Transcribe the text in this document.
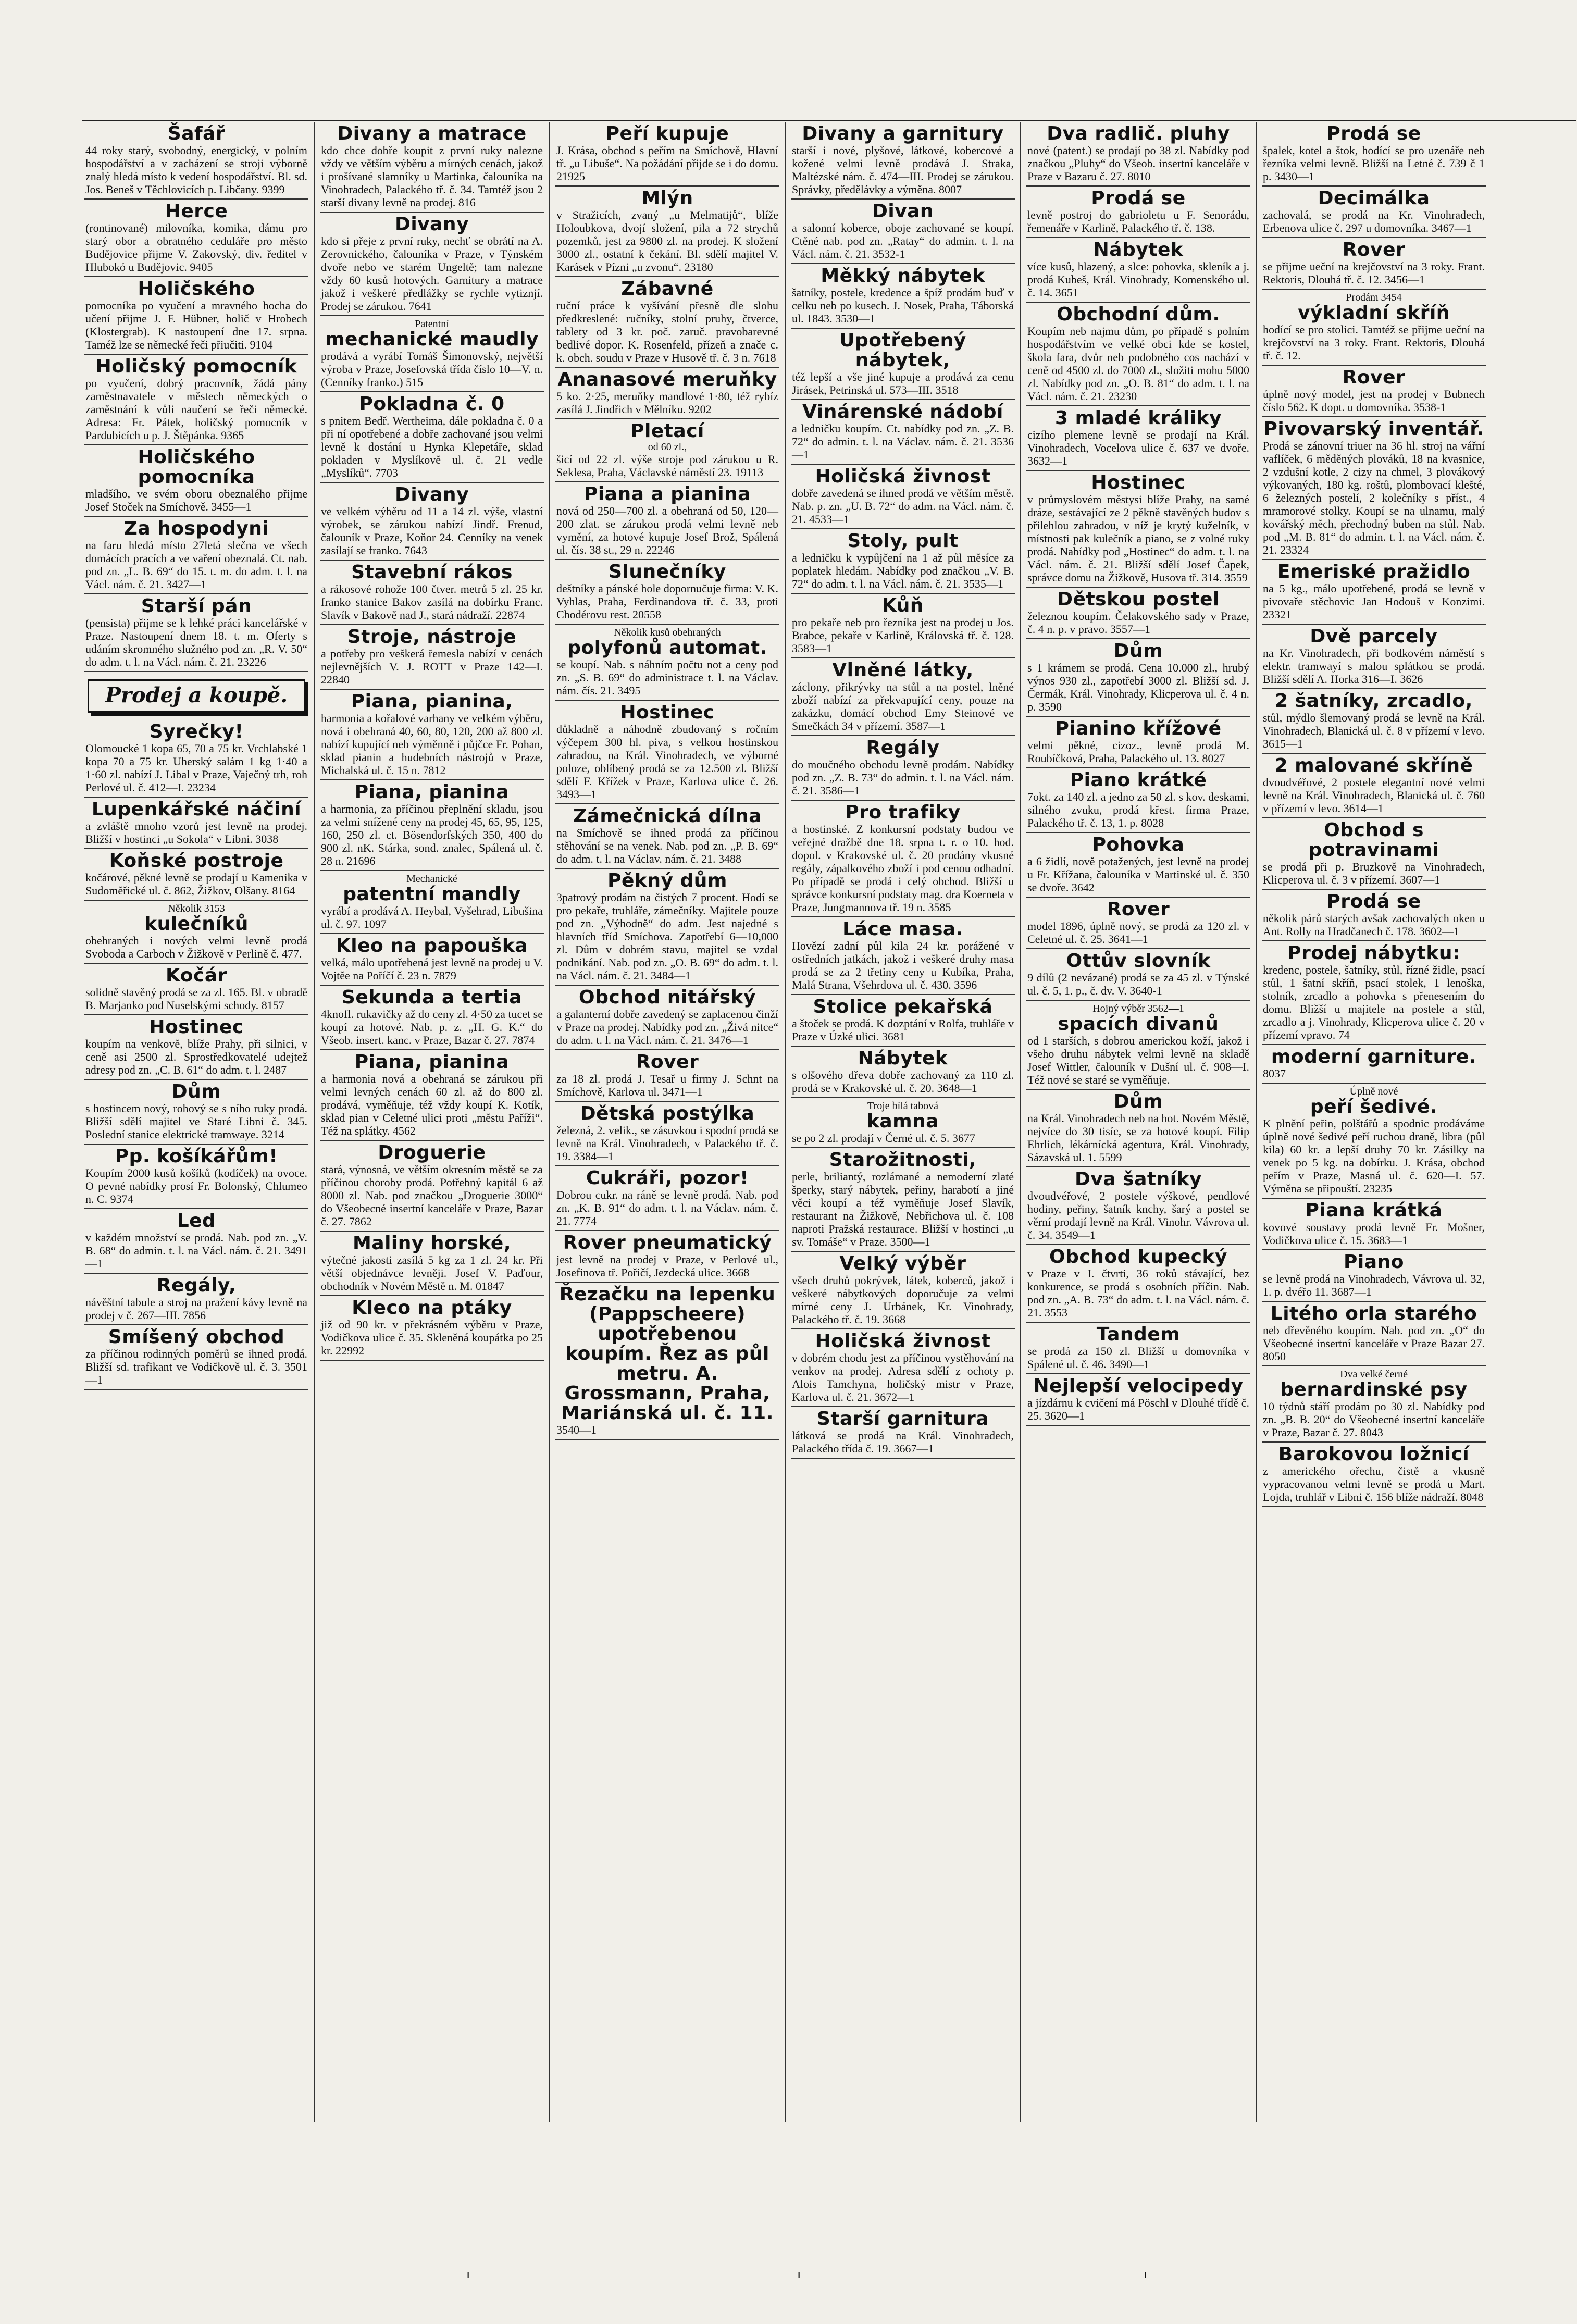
Šafář
44 roky starý, svobodný, energický, v polním hospodářství a v zacházení se stroji výborně znalý hledá místo k vedení hospodářství. Bl. sd. Jos. Beneš v Těchlovicích p. Libčany. 9399
Herce
(rontinované) milovníka, komika, dámu pro starý obor a obratného ceduláře pro město Budějovice přijme V. Zakovský, div. ředitel v Hlubokó u Budějovic. 9405
Holičského
pomocníka po vyučení a mravného hocha do učení přijme J. F. Hübner, holič v Hrobech (Klostergrab). K nastoupení dne 17. srpna. Taméž lze se německé řeči přiučiti. 9104
Holičský pomocník
po vyučení, dobrý pracovník, žádá pány zaměstnavatele v městech německých o zaměstnání k vůli naučení se řeči německé. Adresa: Fr. Pátek, holičský pomocník v Pardubicích u p. J. Štěpánka. 9365
Holičského pomocníka
mladšího, ve svém oboru obeznalého přijme Josef Stoček na Smíchově. 3455—1
Za hospodyni
na faru hledá místo 27letá slečna ve všech domácích pracích a ve vaření obeznalá. Ct. nab. pod zn. „L. B. 69“ do 15. t. m. do adm. t. l. na Václ. nám. č. 21. 3427—1
Starší pán
(pensista) přijme se k lehké práci kancelářské v Praze. Nastoupení dnem 18. t. m. Oferty s udáním skromného služného pod zn. „R. V. 50“ do adm. t. l. na Václ. nám. č. 21. 23226
Prodej a koupě.
Syrečky!
Olomoucké 1 kopa 65, 70 a 75 kr. Vrchlabské 1 kopa 70 a 75 kr. Uherský salám 1 kg 1·40 a 1·60 zl. nabízí J. Libal v Praze, Vaječný trh, roh Perlové ul. č. 412—I. 23234
Lupenkářské náčiní
a zvláště mnoho vzorů jest levně na prodej. Bližší v hostinci „u Sokola“ v Libni. 3038
Koňské postroje
kočárové, pěkné levně se prodají u Kamenika v Sudoměřické ul. č. 862, Žižkov, Olšany. 8164
Několik 3153
kulečníků
obehraných i nových velmi levně prodá Svoboda a Carboch v Žižkově v Perlině č. 477.
Kočár
solidně stavěný prodá se za zl. 165. Bl. v obradě B. Marjanko pod Nuselskými schody. 8157
Hostinec
koupím na venkově, blíže Prahy, při silnici, v ceně asi 2500 zl. Sprostředkovatelé udejtež adresy pod zn. „C. B. 61“ do adm. t. l. 2487
Dům
s hostincem nový, rohový se s ního ruky prodá. Bližší sdělí majitel ve Staré Libni č. 345. Poslední stanice elektrické tramwaye. 3214
Pp. košíkářům!
Koupím 2000 kusů košíků (kodíček) na ovoce. O pevné nabídky prosí Fr. Bolonský, Chlumeo n. C. 9374
Led
v každém množství se prodá. Nab. pod zn. „V. B. 68“ do admin. t. l. na Václ. nám. č. 21. 3491—1
Regály,
návěštní tabule a stroj na pražení kávy levně na prodej v č. 267—III. 7856
Smíšený obchod
za příčinou rodinných poměrů se ihned prodá. Bližší sd. trafikant ve Vodičkově ul. č. 3. 3501—1
Divany a matrace
kdo chce dobře koupit z první ruky nalezne vždy ve větším výběru a mírných cenách, jakož i prošívané slamníky u Martinka, čalouníka na Vinohradech, Palackého tř. č. 34. Tamtéž jsou 2 starší divany levně na prodej. 816
Divany
kdo si přeje z první ruky, nechť se obrátí na A. Zerovnického, čalouníka v Praze, v Týnském dvoře nebo ve starém Ungeltě; tam nalezne vždy 60 kusů hotových. Garnitury a matrace jakož i veškeré předlážky se rychle vytiznjí. Prodej se zárukou. 7641
Patentní
mechanické maudly
prodává a vyrábí Tomáš Šimonovský, největší výroba v Praze, Josefovská třída číslo 10—V. n. (Cenníky franko.) 515
Pokladna č. 0
s pnitem Bedř. Wertheima, dále pokladna č. 0 a při ní opotřebené a dobře zachované jsou velmi levně k dostání u Hynka Klepetáře, sklad pokladen v Myslíkově ul. č. 21 vedle „Myslíků“. 7703
Divany
ve velkém výběru od 11 a 14 zl. výše, vlastní výrobek, se zárukou nabízí Jindř. Frenud, čalouník v Praze, Koňor 24. Cenníky na venek zasílají se franko. 7643
Stavební rákos
a rákosové rohože 100 čtver. metrů 5 zl. 25 kr. franko stanice Bakov zasílá na dobírku Franc. Slavík v Bakově nad J., stará nádraží. 22874
Stroje, nástroje
a potřeby pro veškerá řemesla nabízí v cenách nejlevnějších V. J. ROTT v Praze 142—I. 22840
Piana, pianina,
harmonia a kořalové varhany ve velkém výběru, nová i obehraná 40, 60, 80, 120, 200 až 800 zl. nabízí kupující neb výměnně i půjčce Fr. Pohan, sklad pianin a hudebních nástrojů v Praze, Michalská ul. č. 15 n. 7812
Piana, pianina
a harmonia, za příčinou přeplnění skladu, jsou za velmi snížené ceny na prodej 45, 65, 95, 125, 160, 250 zl. ct. Bösendorfských 350, 400 do 900 zl. nK. Stárka, sond. znalec, Spálená ul. č. 28 n. 21696
Mechanické
patentní mandly
vyrábí a prodává A. Heybal, Vyšehrad, Libušina ul. č. 97. 1097
Kleo na papouška
velká, málo upotřebená jest levně na prodej u V. Vojtěe na Poříčí č. 23 n. 7879
Sekunda a tertia
4knofl. rukavičky až do ceny zl. 4·50 za tucet se koupí za hotové. Nab. p. z. „H. G. K.“ do Všeob. insert. kanc. v Praze, Bazar č. 27. 7874
Piana, pianina
a harmonia nová a obehraná se zárukou při velmi levných cenách 60 zl. až do 800 zl. prodává, vyměňuje, též vždy koupí K. Kotík, sklad pian v Celetné ulici proti „městu Paříži“. Též na splátky. 4562
Droguerie
stará, výnosná, ve větším okresním městě se za příčinou choroby prodá. Potřebný kapitál 6 až 8000 zl. Nab. pod značkou „Droguerie 3000“ do Všeobecné insertní kanceláře v Praze, Bazar č. 27. 7862
Maliny horské,
výtečné jakosti zasílá 5 kg za 1 zl. 24 kr. Při větší objednávce levněji. Josef V. Paďour, obchodník v Novém Městě n. M. 01847
Kleco na ptáky
již od 90 kr. v překrásném výběru v Praze, Vodičkova ulice č. 35. Skleněná koupátka po 25 kr. 22992
Peří kupuje
J. Krása, obchod s peřím na Smíchově, Hlavní tř. „u Libuše“. Na požádání přijde se i do domu. 21925
Mlýn
v Stražicích, zvaný „u Melmatijů“, blíže Holoubkova, dvojí složení, pila a 72 strychů pozemků, jest za 9800 zl. na prodej. K složení 3000 zl., ostatní k čekání. Bl. sdělí majitel V. Karásek v Pízni „u zvonu“. 23180
Zábavné
ruční práce k vyšívání přesně dle slohu předkreslené: ručníky, stolní pruhy, čtverce, tablety od 3 kr. poč. zaruč. pravobarevné bedlivé dopor. K. Rosenfeld, přízeň a znače c. k. obch. soudu v Praze v Husově tř. č. 3 n. 7618
Ananasové meruňky
5 ko. 2·25, meruňky mandlové 1·80, též rybíz zasílá J. Jindřich v Mělníku. 9202
Pletací
od 60 zl.,
šicí od 22 zl. výše stroje pod zárukou u R. Seklesa, Praha, Václavské náměstí 23. 19113
Piana a pianina
nová od 250—700 zl. a obehraná od 50, 120—200 zlat. se zárukou prodá velmi levně neb vymění, za hotové kupuje Josef Brož, Spálená ul. čís. 38 st., 29 n. 22246
Slunečníky
deštníky a pánské hole dopornučuje firma: V. K. Vyhlas, Praha, Ferdinandova tř. č. 33, proti Chodérovu rest. 20558
Několik kusů obehraných
polyfonů automat.
se koupí. Nab. s náhním počtu not a ceny pod zn. „S. B. 69“ do administrace t. l. na Václav. nám. čís. 21. 3495
Hostinec
důkladně a náhodně zbudovaný s ročním výčepem 300 hl. piva, s velkou hostinskou zahradou, na Král. Vinohradech, ve výborné poloze, oblíbený prodá se za 12.500 zl. Bližší sdělí F. Křížek v Praze, Karlova ulice č. 26. 3493—1
Zámečnická dílna
na Smíchově se ihned prodá za příčinou stěhování se na venek. Nab. pod zn. „P. B. 69“ do adm. t. l. na Václav. nám. č. 21. 3488
Pěkný dům
3patrový prodám na čistých 7 procent. Hodí se pro pekaře, truhláře, zámečníky. Majitele pouze pod zn. „Výhodně“ do adm. Jest najedné s hlavních tříd Smíchova. Zapotřebí 6—10,000 zl. Dům v dobrém stavu, majitel se vzdal podnikání. Nab. pod zn. „O. B. 69“ do adm. t. l. na Václ. nám. č. 21. 3484—1
Obchod nitářský
a galanterní dobře zavedený se zaplacenou činží v Praze na prodej. Nabídky pod zn. „Živá nitce“ do adm. t. l. na Václ. nám. č. 21. 3476—1
Rover
za 18 zl. prodá J. Tesař u firmy J. Schnt na Smíchově, Karlova ul. 3471—1
Dětská postýlka
železná, 2. velik., se zásuvkou i spodní prodá se levně na Král. Vinohradech, v Palackého tř. č. 19. 3384—1
Cukráři, pozor!
Dobrou cukr. na ráně se levně prodá. Nab. pod zn. „K. B. 91“ do adm. t. l. na Václav. nám. č. 21. 7774
Rover pneumatický
jest levně na prodej v Praze, v Perlové ul., Josefinova tř. Pořičí, Jezdecká ulice. 3668
Řezačku na lepenku (Pappscheere) upotřebenou koupím. Řez as půl metru. A. Grossmann, Praha, Mariánská ul. č. 11.
3540—1
Divany a garnitury
starší i nové, plyšové, látkové, kobercové a kožené velmi levně prodává J. Straka, Maltézské nám. č. 474—III. Prodej se zárukou. Správky, předělávky a výměna. 8007
Divan
a salonní koberce, oboje zachované se koupí. Ctěné nab. pod zn. „Ratay“ do admin. t. l. na Václ. nám. č. 21. 3532-1
Měkký nábytek
šatníky, postele, kredence a špíž prodám buď v celku neb po kusech. J. Nosek, Praha, Táborská ul. 1843. 3530—1
Upotřebený nábytek,
též lepší a vše jiné kupuje a prodává za cenu Jirásek, Petrinská ul. 573—III. 3518
Vinárenské nádobí
a ledničku koupím. Ct. nabídky pod zn. „Z. B. 72“ do admin. t. l. na Václav. nám. č. 21. 3536—1
Holičská živnost
dobře zavedená se ihned prodá ve větším městě. Nab. p. zn. „U. B. 72“ do adm. na Václ. nám. č. 21. 4533—1
Stoly, pult
a ledničku k vypůjčení na 1 až půl měsíce za poplatek hledám. Nabídky pod značkou „V. B. 72“ do adm. t. l. na Václ. nám. č. 21. 3535—1
Kůň
pro pekaře neb pro řezníka jest na prodej u Jos. Brabce, pekaře v Karlině, Královská tř. č. 128. 3583—1
Vlněné látky,
záclony, přikrývky na stůl a na postel, lněné zboží nabízí za překvapující ceny, pouze na zakázku, domácí obchod Emy Steinové ve Smečkách 34 v přízemí. 3587—1
Regály
do moučného obchodu levně prodám. Nabídky pod zn. „Z. B. 73“ do admin. t. l. na Václ. nám. č. 21. 3586—1
Pro trafiky
a hostinské. Z konkursní podstaty budou ve veřejné dražbě dne 18. srpna t. r. o 10. hod. dopol. v Krakovské ul. č. 20 prodány vkusné regály, zápalkového zboží i pod cenou odhadní. Po případě se prodá i celý obchod. Bližší u správce konkursní podstaty mag. dra Koerneta v Praze, Jungmannova tř. 19 n. 3585
Láce masa.
Hovězí zadní půl kila 24 kr. porážené v ostředních jatkách, jakož i veškeré druhy masa prodá se za 2 třetiny ceny u Kubíka, Praha, Malá Strana, Všehrdova ul. č. 430. 3596
Stolice pekařská
a štoček se prodá. K dozptání v Rolfa, truhláře v Praze v Úzké ulici. 3681
Nábytek
s olšového dřeva dobře zachovaný za 110 zl. prodá se v Krakovské ul. č. 20. 3648—1
Troje bílá tabová
kamna
se po 2 zl. prodají v Černé ul. č. 5. 3677
Starožitnosti,
perle, briliantý, rozlámané a nemoderní zlaté šperky, starý nábytek, peřiny, harabotí a jiné věci koupí a též vyměňuje Josef Slavík, restaurant na Žižkově, Nebřichova ul. č. 108 naproti Pražská restaurace. Bližší v hostinci „u sv. Tomáše“ v Praze. 3500—1
Velký výběr
všech druhů pokrývek, látek, koberců, jakož i veškeré nábytkových doporučuje za velmi mírné ceny J. Urbánek, Kr. Vinohrady, Palackého tř. č. 19. 3668
Holičská živnost
v dobrém chodu jest za příčinou vystěhování na venkov na prodej. Adresa sdělí z ochoty p. Alois Tamchyna, holičský mistr v Praze, Karlova ul. č. 21. 3672—1
Starší garnitura
látková se prodá na Král. Vinohradech, Palackého třída č. 19. 3667—1
Dva radlič. pluhy
nové (patent.) se prodají po 38 zl. Nabídky pod značkou „Pluhy“ do Všeob. insertní kanceláře v Praze v Bazaru č. 27. 8010
Prodá se
levně postroj do gabrioletu u F. Senorádu, řemenáře v Karlině, Palackého tř. č. 138.
Nábytek
více kusů, hlazený, a slce: pohovka, skleník a j. prodá Kubeš, Král. Vinohrady, Komenského ul. č. 14. 3651
Obchodní dům.
Koupím neb najmu dům, po případě s polním hospodářstvím ve velké obci kde se kostel, škola fara, dvůr neb podobného cos nachází v ceně od 4500 zl. do 7000 zl., složiti mohu 5000 zl. Nabídky pod zn. „O. B. 81“ do adm. t. l. na Václ. nám. č. 21. 23230
3 mladé králiky
cizího plemene levně se prodají na Král. Vinohradech, Vocelova ulice č. 637 ve dvoře. 3632—1
Hostinec
v průmyslovém městysi blíže Prahy, na samé dráze, sestávající ze 2 pěkně stavěných budov s přilehlou zahradou, v níž je krytý kuželník, v místnosti pak kulečník a piano, se z volné ruky prodá. Nabídky pod „Hostinec“ do adm. t. l. na Václ. nám. č. 21. Bližší sdělí Josef Čapek, správce domu na Žižkově, Husova tř. 314. 3559
Dětskou postel
železnou koupím. Čelakovského sady v Praze, č. 4 n. p. v pravo. 3557—1
Dům
s 1 krámem se prodá. Cena 10.000 zl., hrubý výnos 930 zl., zapotřebí 3000 zl. Bližší sd. J. Čermák, Král. Vinohrady, Klicperova ul. č. 4 n. p. 3590
Pianino křížové
velmi pěkné, cizoz., levně prodá M. Roubíčková, Praha, Palackého ul. 13. 8027
Piano krátké
7okt. za 140 zl. a jedno za 50 zl. s kov. deskami, silného zvuku, prodá křest. firma Praze, Palackého tř. č. 13, 1. p. 8028
Pohovka
a 6 židlí, nově potažených, jest levně na prodej u Fr. Křížana, čalouníka v Martinské ul. č. 350 se dvoře. 3642
Rover
model 1896, úplně nový, se prodá za 120 zl. v Celetné ul. č. 25. 3641—1
Ottův slovník
9 dílů (2 nevázané) prodá se za 45 zl. v Týnské ul. č. 5, 1. p., č. dv. V. 3640-1
Hojný výběr 3562—1
spacích divanů
od 1 starších, s dobrou americkou koží, jakož i všeho druhu nábytek velmi levně na skladě Josef Wittler, čalouník v Dušní ul. č. 908—I. Též nové se staré se vyměňuje.
Dům
na Král. Vinohradech neb na hot. Novém Městě, nejvíce do 30 tisíc, se za hotové koupí. Filip Ehrlich, lékárnícká agentura, Král. Vinohrady, Sázavská ul. 1. 5599
Dva šatníky
dvoudvéřové, 2 postele výškové, pendlové hodiny, peřiny, šatník knchy, šarý a postel se věrní prodají levně na Král. Vinohr. Vávrova ul. č. 34. 3549—1
Obchod kupecký
v Praze v I. čtvrti, 36 roků stávající, bez konkurence, se prodá s osobních příčin. Nab. pod zn. „A. B. 73“ do adm. t. l. na Václ. nám. č. 21. 3553
Tandem
se prodá za 150 zl. Bližší u domovníka v Spálené ul. č. 46. 3490—1
Nejlepší velocipedy
a jízdárnu k cvičení má Pöschl v Dlouhé třídě č. 25. 3620—1
Prodá se
špalek, kotel a štok, hodící se pro uzenáře neb řezníka velmi levně. Bližší na Letné č. 739 č 1 p. 3430—1
Decimálka
zachovalá, se prodá na Kr. Vinohradech, Erbenova ulice č. 297 u domovníka. 3467—1
Rover
se přijme ueční na krejčovství na 3 roky. Frant. Rektoris, Dlouhá tř. č. 12. 3456—1
Prodám 3454
výkladní skříň
hodící se pro stolici. Tamtéž se přijme ueční na krejčovství na 3 roky. Frant. Rektoris, Dlouhá tř. č. 12.
Rover
úplně nový model, jest na prodej v Bubnech číslo 562. K dopt. u domovníka. 3538-1
Pivovarský inventář.
Prodá se zánovní triuer na 36 hl. stroj na vářní vaflíček, 6 měděných plováků, 18 na kvasnice, 2 vzdušní kotle, 2 cizy na chmel, 3 plovákový výkovaných, 180 kg. roštů, plombovací klešté, 6 železných postelí, 2 kolečníky s příst., 4 mramorové stolky. Koupí se na ulnamu, malý kovářský měch, přechodný buben na stůl. Nab. pod „M. B. 81“ do admin. t. l. na Václ. nám. č. 21. 23324
Emeriské pražidlo
na 5 kg., málo upotřebené, prodá se levně v pivovaře stěchovic Jan Hodouš v Konzimi. 23321
Dvě parcely
na Kr. Vinohradech, při bodkovém náměstí s elektr. tramwayí s malou splátkou se prodá. Bližší sdělí A. Horka 316—I. 3626
2 šatníky, zrcadlo,
stůl, mýdlo šlemovaný prodá se levně na Král. Vinohradech, Blanická ul. č. 8 v přízemí v levo. 3615—1
2 malované skříně
dvoudvéřové, 2 postele elegantní nové velmi levně na Král. Vinohradech, Blanická ul. č. 760 v přízemí v levo. 3614—1
Obchod s potravinami
se prodá při p. Bruzkově na Vinohradech, Klicperova ul. č. 3 v přízemí. 3607—1
Prodá se
několik párů starých avšak zachovalých oken u Ant. Rolly na Hradčanech č. 178. 3602—1
Prodej nábytku:
kredenc, postele, šatníky, stůl, řízné židle, psací stůl, 1 šatní skříň, psací stolek, 1 lenoška, stolník, zrcadlo a pohovka s přenesením do domu. Bližší u majitele na postele a stůl, zrcadlo a j. Vinohrady, Klicperova ulice č. 20 v přízemí vpravo. 74
moderní garniture.
8037
Úplně nové
peří šedivé.
K plnění peřin, polštářů a spodnic prodáváme úplně nové šedivé peří ruchou draně, libra (půl kila) 60 kr. a lepší druhy 70 kr. Zásilky na venek po 5 kg. na dobírku. J. Krása, obchod peřím v Praze, Masná ul. č. 620—I. 57. Výměna se připouští. 23235
Piana krátká
kovové soustavy prodá levně Fr. Mošner, Vodičkova ulice č. 15. 3683—1
Piano
se levně prodá na Vinohradech, Vávrova ul. 32, 1. p. dvéřo 11. 3687—1
Litého orla starého
neb dřevěného koupím. Nab. pod zn. „O“ do Všeobecné insertní kanceláře v Praze Bazar 27. 8050
Dva velké černé
bernardinské psy
10 týdnů stáří prodám po 30 zl. Nabídky pod zn. „B. B. 20“ do Všeobecné insertní kanceláře v Praze, Bazar č. 27. 8043
Barokovou ložnicí
z amerického ořechu, čistě a vkusně vypracovanou velmi levně se prodá u Mart. Lojda, truhlář v Libni č. 156 blíže nádraží. 8048
ı	ı	ı
